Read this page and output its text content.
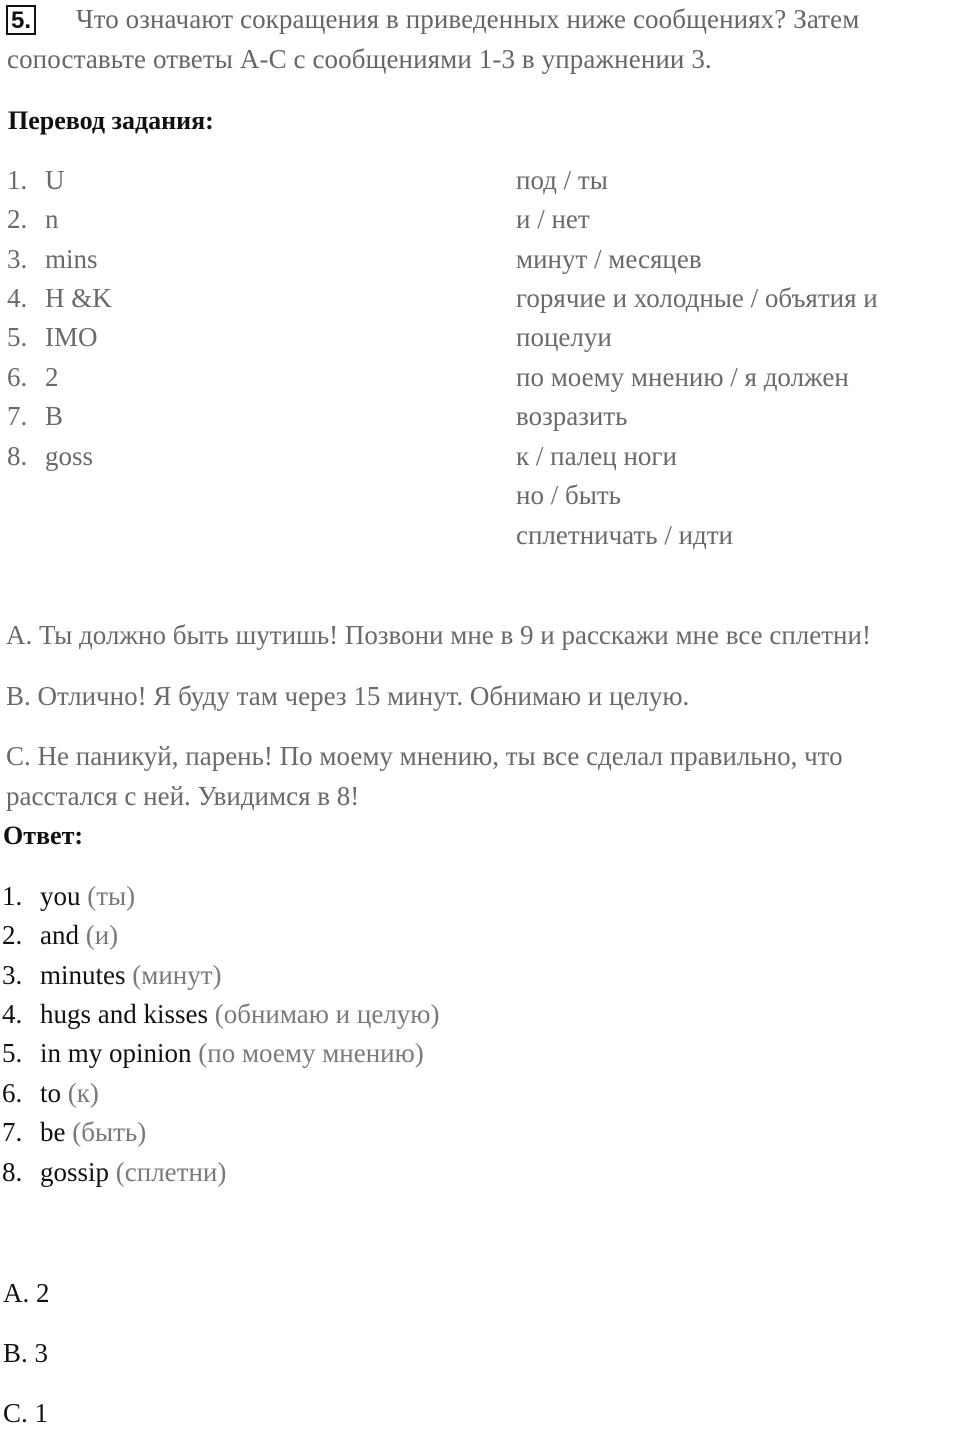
5. Что означают сокращения в приведенных ниже сообщениях? Затем
сопоставьте ответы A-C с сообщениями 1-3 в упражнении 3.
Перевод задания:
1. U
2. n
3. mins
4. H &K
5. IMO
6. 2
7. B
8. goss
под / ты
и / нет
минут / месяцев
горячие и холодные / объятия и
поцелуи
по моему мнению / я должен
возразить
к / палец ноги
но / быть
сплетничать / идти
A. Ты должно быть шутишь! Позвони мне в 9 и расскажи мне все сплетни!
B. Отлично! Я буду там через 15 минут. Обнимаю и целую.
C. Не паникуй, парень! По моему мнению, ты все сделал правильно, что
расстался с ней. Увидимся в 8!
Ответ:
1. you (ты)
2. and (и)
3. minutes (минут)
4. hugs and kisses (обнимаю и целую)
5. in my opinion (по моему мнению)
6. to (к)
7. be (быть)
8. gossip (сплетни)
A. 2
B. 3
C. 1
